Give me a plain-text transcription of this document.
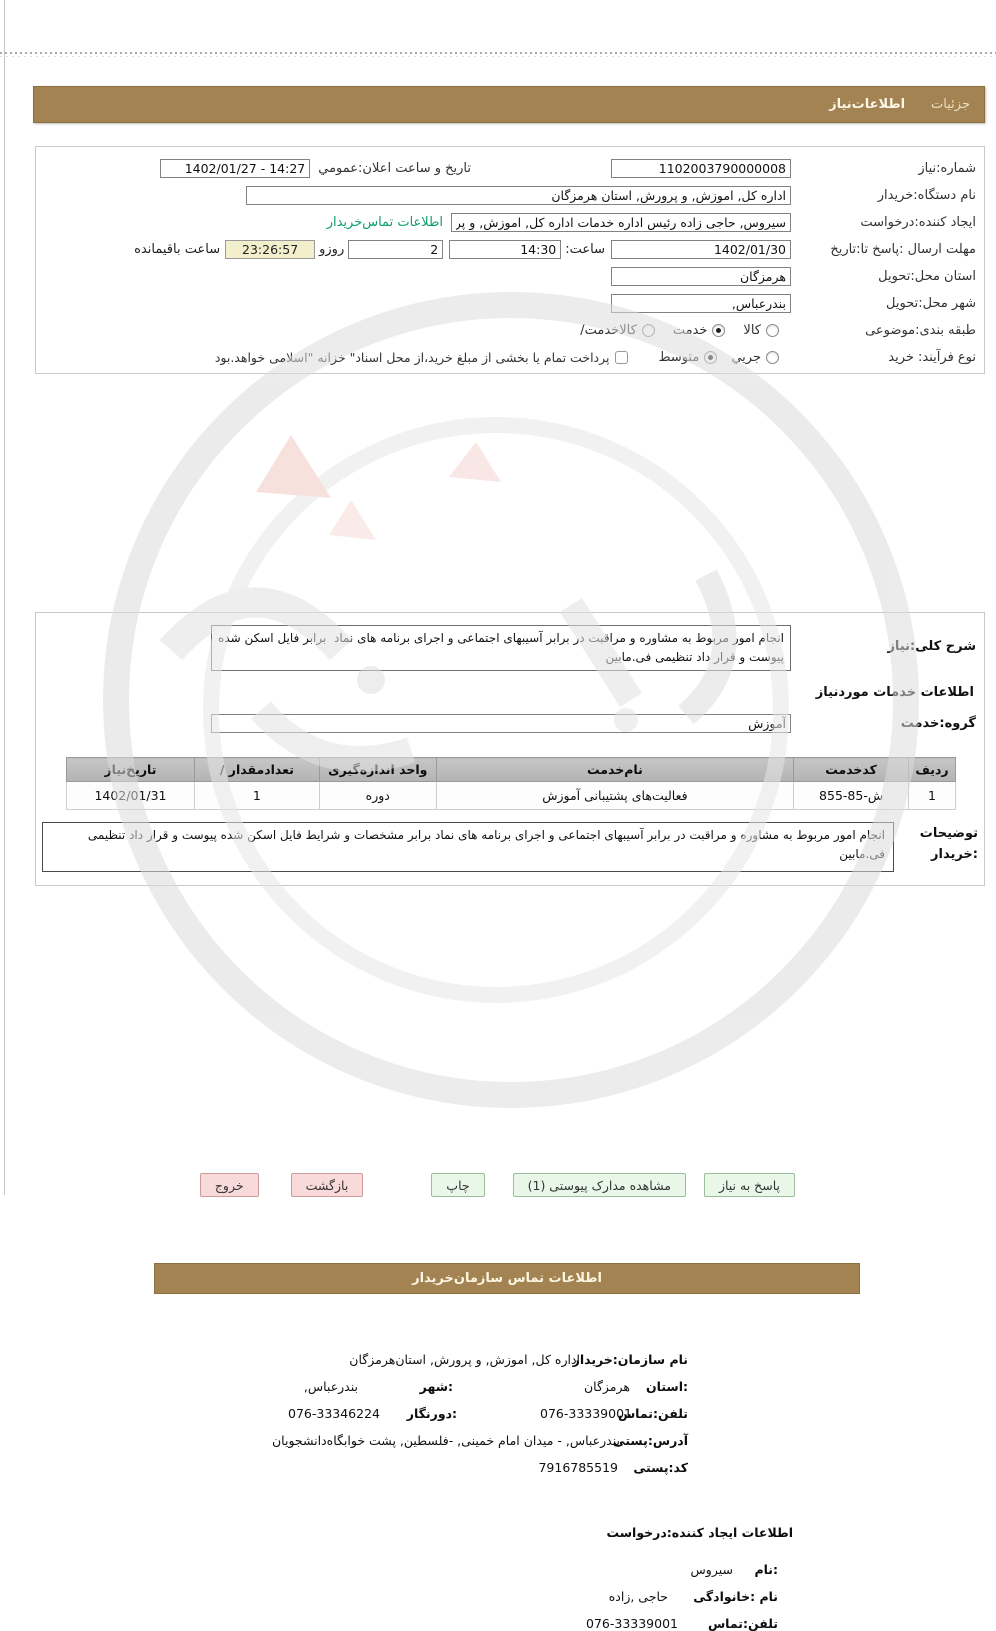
جزئیات
اطلاعات‌نیاز
شماره:نیاز
1102003790000008
تاریخ و ساعت اعلان:عمومي
1402/01/27 - 14:27
نام دستگاه:خریدار
اداره کل, اموزش, و پرورش, استان هرمزگان
ایجاد کننده:درخواست
سیروس, حاجی زاده رئیس اداره خدمات اداره کل, اموزش, و پرورش, استان هرمزگان
اطلاعات تماس‌خریدار
مهلت ارسال :پاسخ تا:تاریخ
1402/01/30
ساعت:
14:30
2
روزو
23:26:57
ساعت باقیمانده
استان محل:تحویل
هرمزگان
شهر محل:تحویل
بندرعباس,
طبقه بندی:موضوعی
کالا
خدمت
کالاخدمت/
نوع فرآیند: خرید
جريي
متوسط
پرداخت تمام یا بخشی از مبلغ خرید،از محل اسناد" خزانه "اسلامی خواهد.بود
شرح کلی:نیاز
انجام امور مربوط به مشاوره و مراقبت در برابر آسیبهای اجتماعی و اجرای برنامه های نماد برابر فایل اسکن شده پیوست و قرار داد تنظیمی فی.مابین
اطلاعات خدمات موردنیاز
گروه:خدمت
آموزش
ردیف	کدخدمت	نام‌خدمت	واحد اندازه‌گیری	تعدادمقدار /	تاریخ‌نیاز
1	ش-85-855	فعالیت‌های پشتیبانی آموزش	دوره	1	1402/01/31
توضیحات
:خریدار
انجام امور مربوط به مشاوره و مراقبت در برابر آسیبهای اجتماعی و اجرای برنامه های نماد برابر مشخصات و شرایط فایل اسکن شده پیوست و قرار داد تنظیمی فی.مابین
پاسخ به نیاز
مشاهده مدارک پیوستی (1)
چاپ
بازگشت
خروج
اطلاعات تماس سازمان‌خریدار
نام سازمان:خریدار
اداره کل, اموزش, و پرورش, استان‌هرمزگان
:استان
هرمزگان
:شهر
بندرعباس,
تلفن:تماس
076-33339001
:دورنگار
076-33346224
آدرس:پستی
بندرعباس, - میدان امام خمینی, -فلسطین, پشت خوابگاه‌دانشجویان
کد:پستی
7916785519
اطلاعات ایجاد کننده:درخواست
:نام
سیروس
نام :خانوادگی
حاجی ,زاده
تلفن:تماس
076-33339001
